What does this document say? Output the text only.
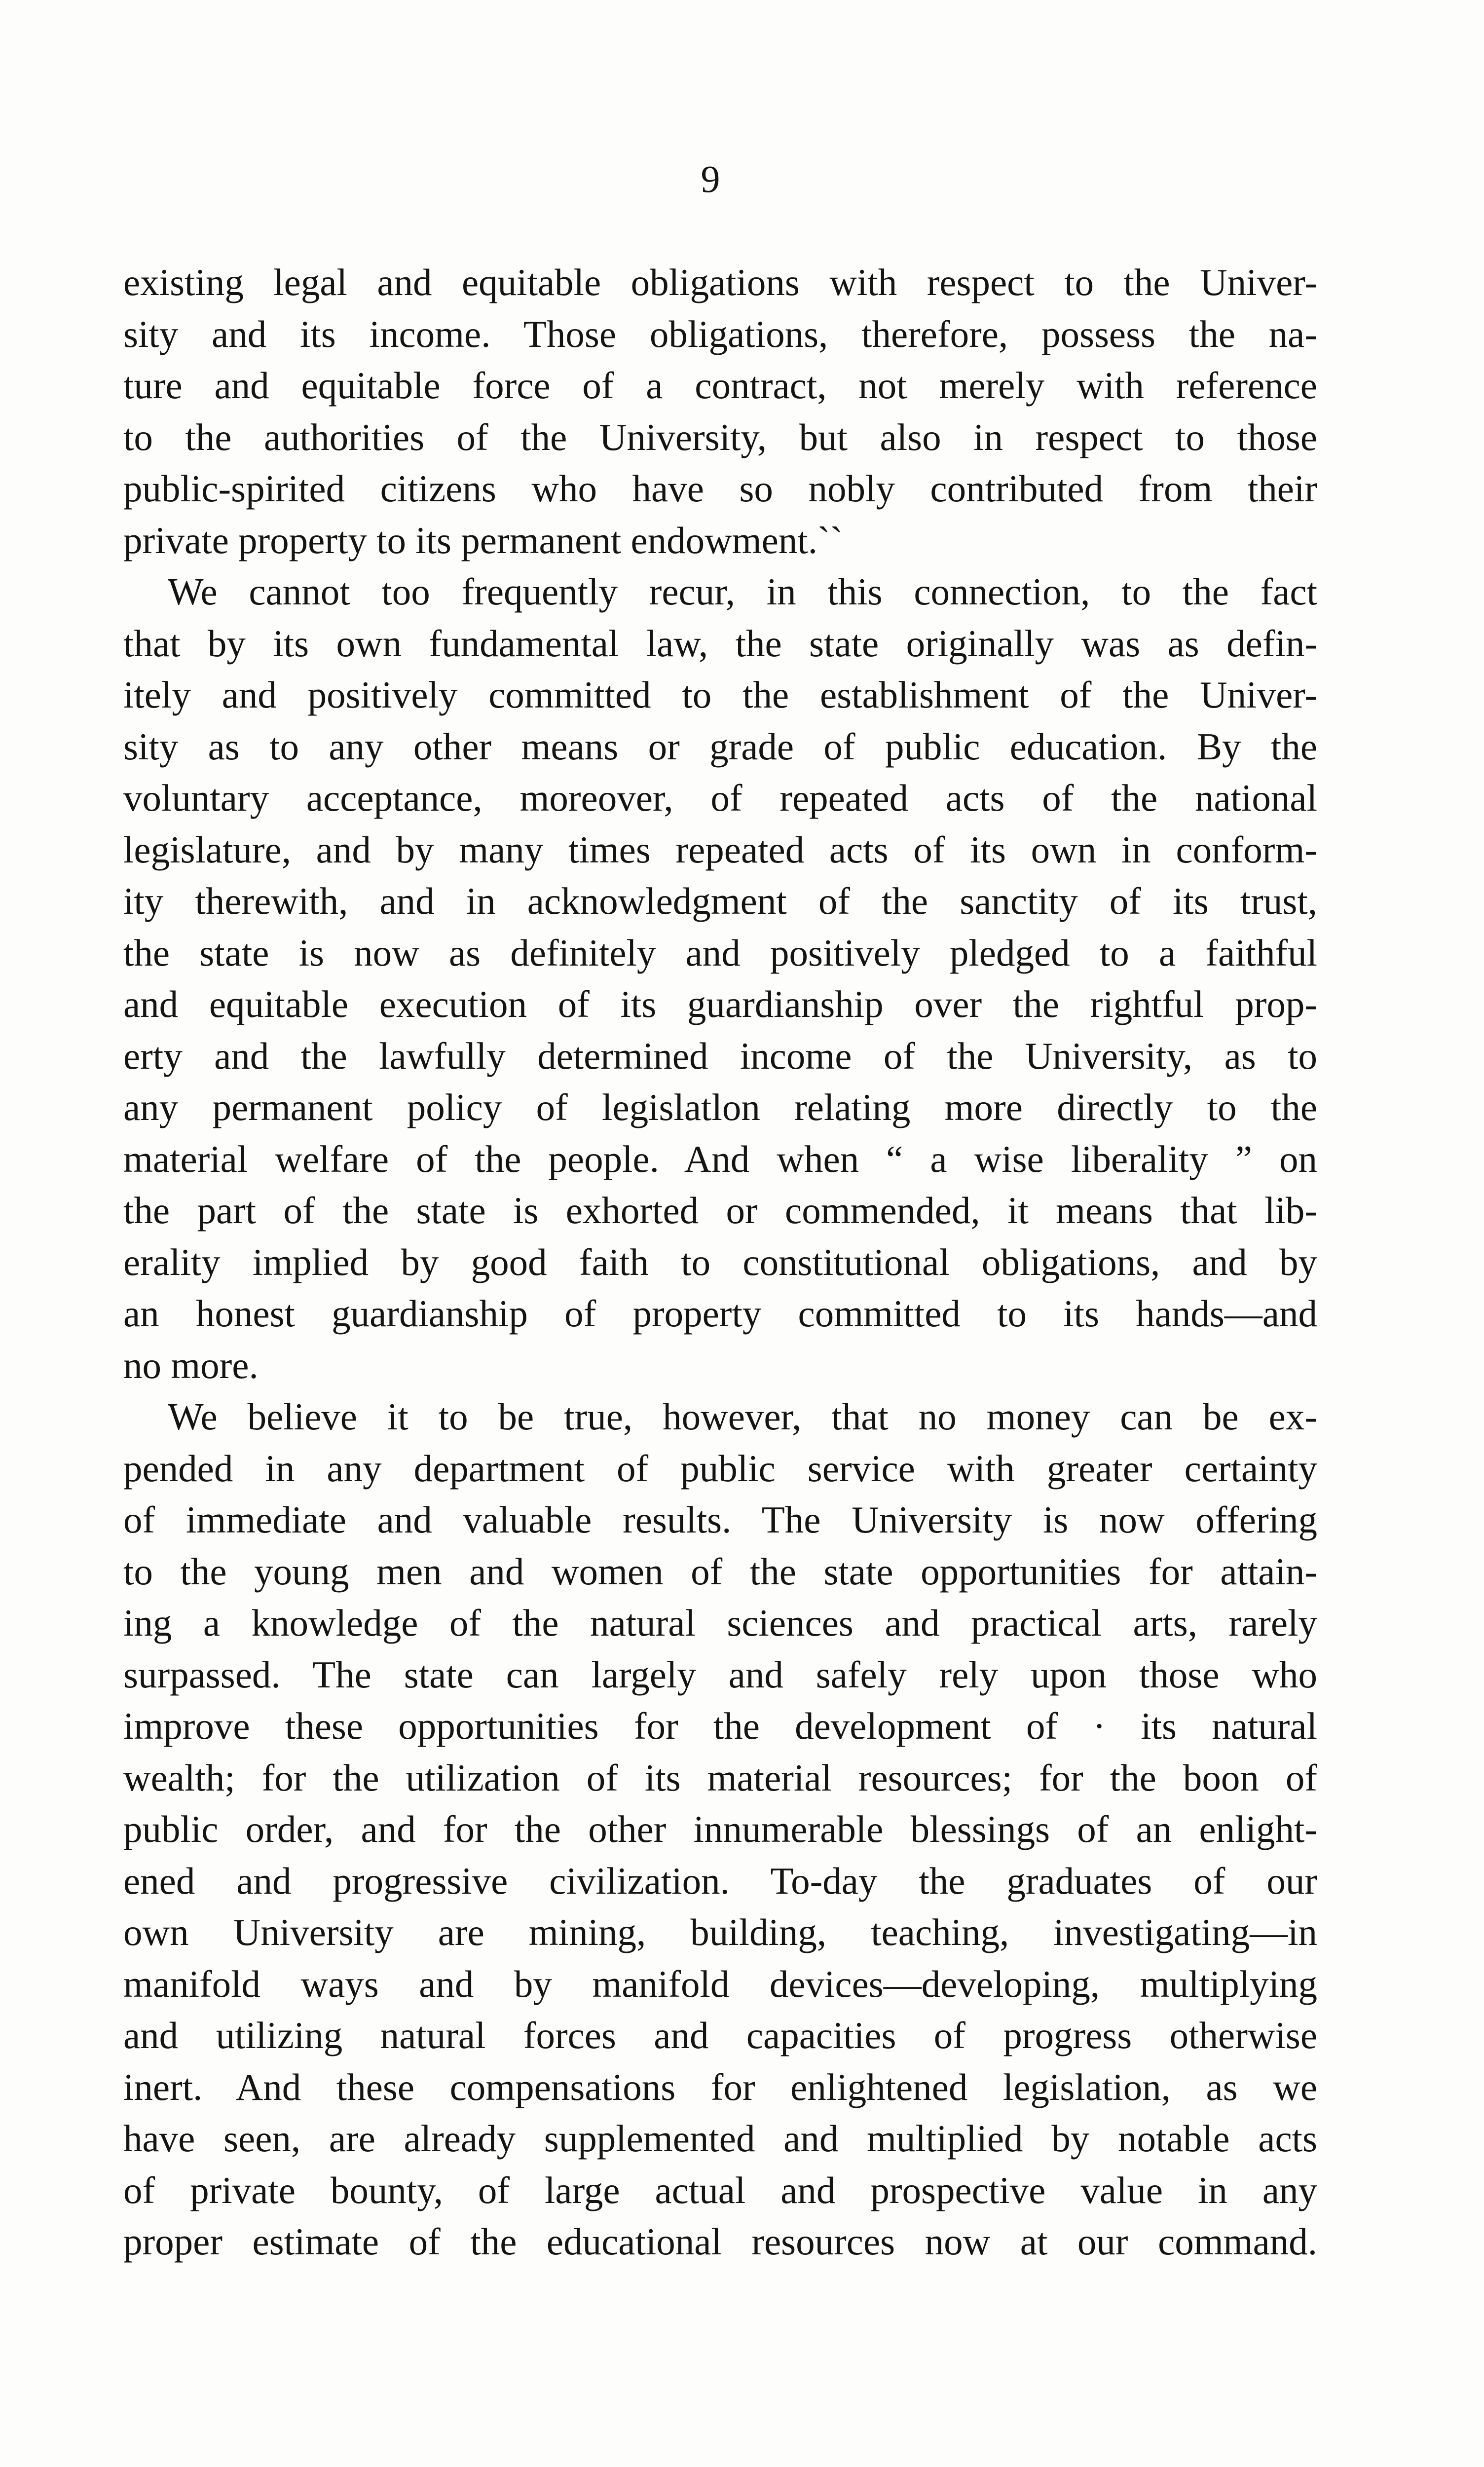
9
existing legal and equitable obligations with respect to the Univer-
sity and its income. Those obligations, therefore, possess the na-
ture and equitable force of a contract, not merely with reference
to the authorities of the University, but also in respect to those
public-spirited citizens who have so nobly contributed from their
private property to its permanent endowment.``
We cannot too frequently recur, in this connection, to the fact
that by its own fundamental law, the state originally was as defin-
itely and positively committed to the establishment of the Univer-
sity as to any other means or grade of public education. By the
voluntary acceptance, moreover, of repeated acts of the national
legislature, and by many times repeated acts of its own in conform-
ity therewith, and in acknowledgment of the sanctity of its trust,
the state is now as definitely and positively pledged to a faithful
and equitable execution of its guardianship over the rightful prop-
erty and the lawfully determined income of the University, as to
any permanent policy of legislatlon relating more directly to the
material welfare of the people. And when “ a wise liberality ” on
the part of the state is exhorted or commended, it means that lib-
erality implied by good faith to constitutional obligations, and by
an honest guardianship of property committed to its hands—and
no more.
We believe it to be true, however, that no money can be ex-
pended in any department of public service with greater certainty
of immediate and valuable results. The University is now offering
to the young men and women of the state opportunities for attain-
ing a knowledge of the natural sciences and practical arts, rarely
surpassed. The state can largely and safely rely upon those who
improve these opportunities for the development of · its natural
wealth; for the utilization of its material resources; for the boon of
public order, and for the other innumerable blessings of an enlight-
ened and progressive civilization. To-day the graduates of our
own University are mining, building, teaching, investigating—in
manifold ways and by manifold devices—developing, multiplying
and utilizing natural forces and capacities of progress otherwise
inert. And these compensations for enlightened legislation, as we
have seen, are already supplemented and multiplied by notable acts
of private bounty, of large actual and prospective value in any
proper estimate of the educational resources now at our command.
